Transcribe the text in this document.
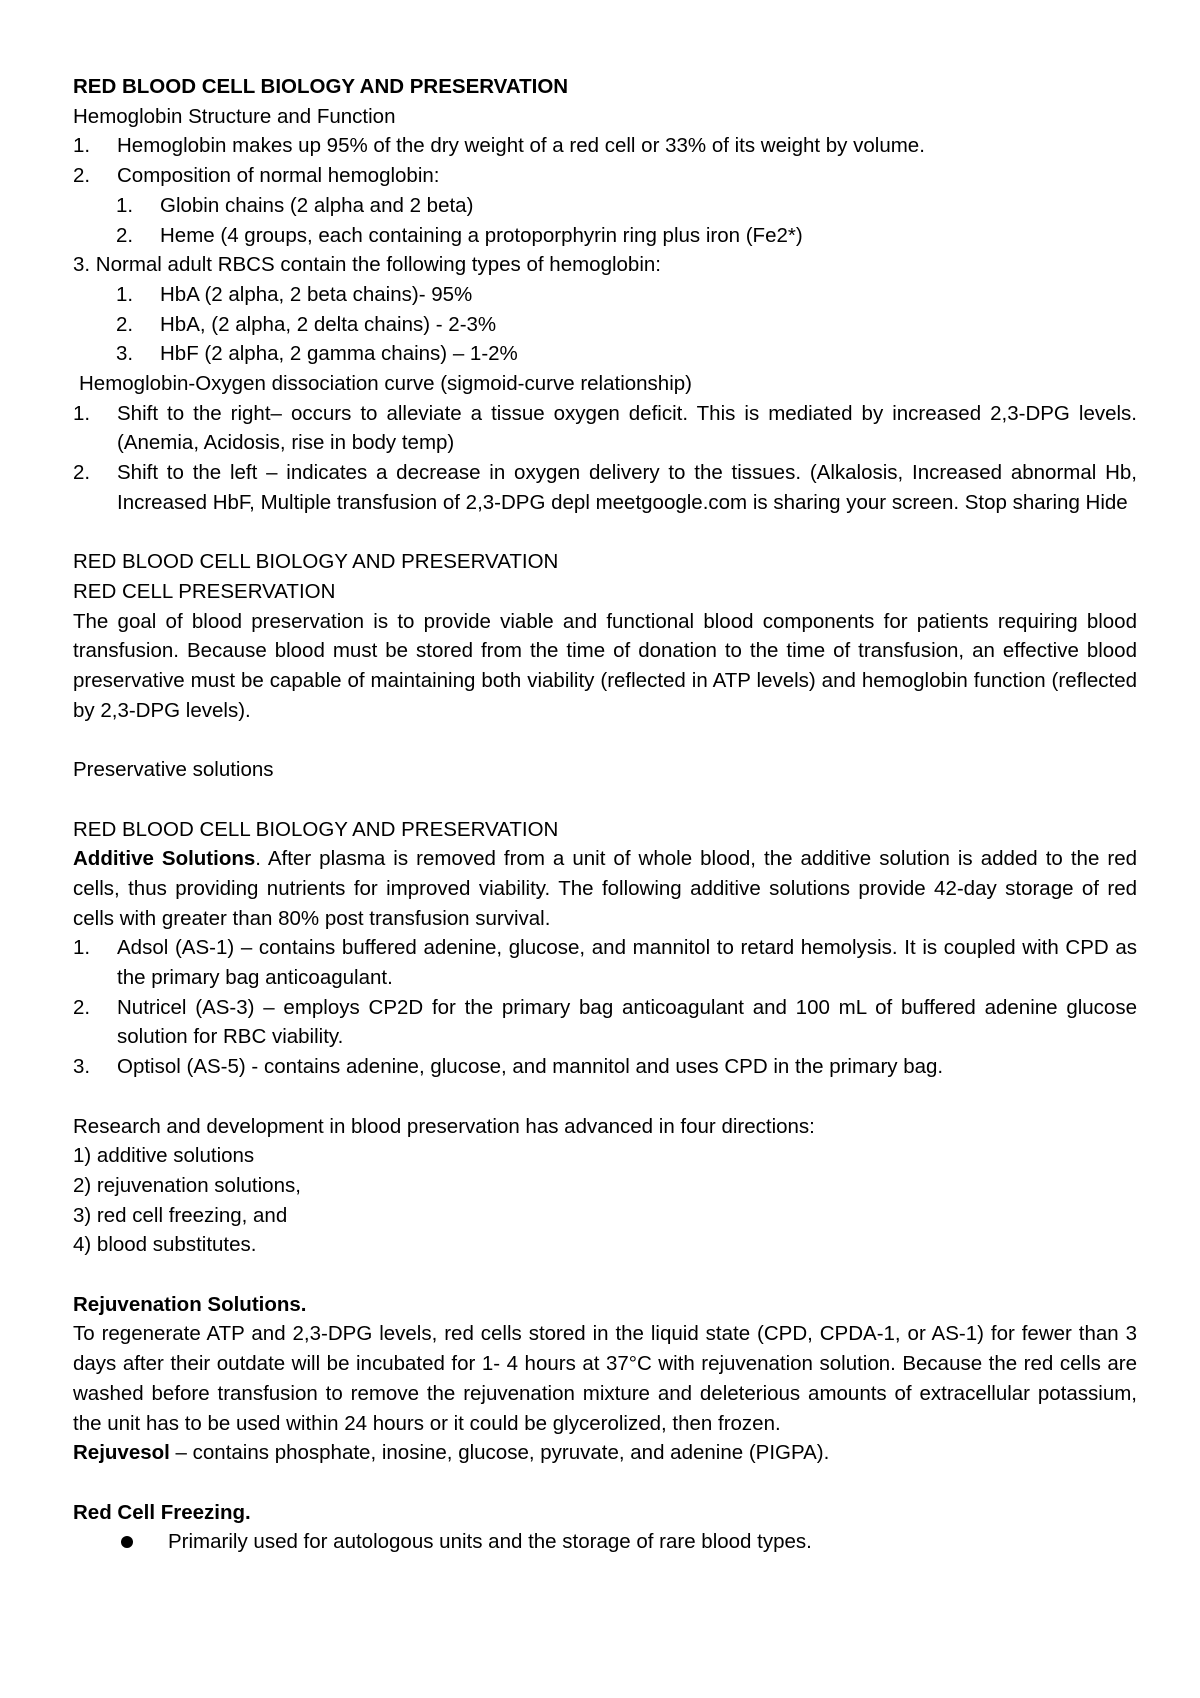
RED BLOOD CELL BIOLOGY AND PRESERVATION
Hemoglobin Structure and Function
1. Hemoglobin makes up 95% of the dry weight of a red cell or 33% of its weight by volume.
2. Composition of normal hemoglobin:
1. Globin chains (2 alpha and 2 beta)
2. Heme (4 groups, each containing a protoporphyrin ring plus iron (Fe2*)
3. Normal adult RBCS contain the following types of hemoglobin:
1. HbA (2 alpha, 2 beta chains)- 95%
2. HbA, (2 alpha, 2 delta chains) - 2-3%
3. HbF (2 alpha, 2 gamma chains) – 1-2%
Hemoglobin-Oxygen dissociation curve (sigmoid-curve relationship)
1. Shift to the right– occurs to alleviate a tissue oxygen deficit. This is mediated by increased 2,3-DPG levels. (Anemia, Acidosis, rise in body temp)
2. Shift to the left – indicates a decrease in oxygen delivery to the tissues. (Alkalosis, Increased abnormal Hb, Increased HbF, Multiple transfusion of 2,3-DPG depl meetgoogle.com is sharing your screen. Stop sharing Hide
RED BLOOD CELL BIOLOGY AND PRESERVATION
RED CELL PRESERVATION
The goal of blood preservation is to provide viable and functional blood components for patients requiring blood transfusion. Because blood must be stored from the time of donation to the time of transfusion, an effective blood preservative must be capable of maintaining both viability (reflected in ATP levels) and hemoglobin function (reflected by 2,3-DPG levels).
Preservative solutions
RED BLOOD CELL BIOLOGY AND PRESERVATION
Additive Solutions. After plasma is removed from a unit of whole blood, the additive solution is added to the red cells, thus providing nutrients for improved viability. The following additive solutions provide 42-day storage of red cells with greater than 80% post transfusion survival.
1. Adsol (AS-1) – contains buffered adenine, glucose, and mannitol to retard hemolysis. It is coupled with CPD as the primary bag anticoagulant.
2. Nutricel (AS-3) – employs CP2D for the primary bag anticoagulant and 100 mL of buffered adenine glucose solution for RBC viability.
3. Optisol (AS-5) - contains adenine, glucose, and mannitol and uses CPD in the primary bag.
Research and development in blood preservation has advanced in four directions:
1) additive solutions
2) rejuvenation solutions,
3) red cell freezing, and
4) blood substitutes.
Rejuvenation Solutions.
To regenerate ATP and 2,3-DPG levels, red cells stored in the liquid state (CPD, CPDA-1, or AS-1) for fewer than 3 days after their outdate will be incubated for 1- 4 hours at 37°C with rejuvenation solution. Because the red cells are washed before transfusion to remove the rejuvenation mixture and deleterious amounts of extracellular potassium, the unit has to be used within 24 hours or it could be glycerolized, then frozen.
Rejuvesol – contains phosphate, inosine, glucose, pyruvate, and adenine (PIGPA).
Red Cell Freezing.
Primarily used for autologous units and the storage of rare blood types.
